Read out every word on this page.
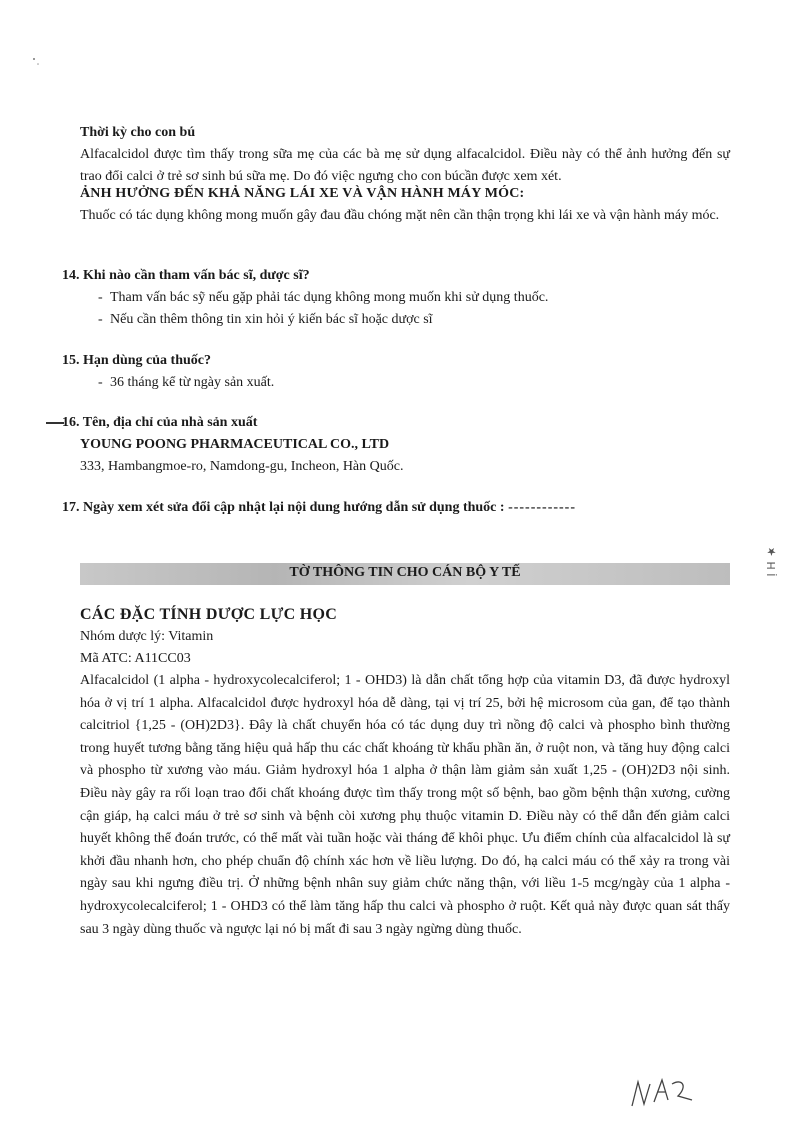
Thời kỳ cho con bú

Alfacalcidol được tìm thấy trong sữa mẹ của các bà mẹ sử dụng alfacalcidol. Điều này có thể ảnh hưởng đến sự trao đổi calci ở trẻ sơ sinh bú sữa mẹ. Do đó việc ngưng cho con búcần được xem xét.

ẢNH HƯỞNG ĐẾN KHẢ NĂNG LÁI XE VÀ VẬN HÀNH MÁY MÓC:

Thuốc có tác dụng không mong muốn gây đau đầu chóng mặt nên cần thận trọng khi lái xe và vận hành máy móc.

14. Khi nào cần tham vấn bác sĩ, dược sĩ?

- Tham vấn bác sỹ nếu gặp phải tác dụng không mong muốn khi sử dụng thuốc.
- Nếu cần thêm thông tin xin hỏi ý kiến bác sĩ hoặc dược sĩ

15. Hạn dùng của thuốc?

- 36 tháng kể từ ngày sản xuất.

16. Tên, địa chỉ của nhà sản xuất

YOUNG POONG PHARMACEUTICAL CO., LTD

333, Hambangmoe-ro, Namdong-gu, Incheon, Hàn Quốc.

17. Ngày xem xét sửa đổi cập nhật lại nội dung hướng dẫn sử dụng thuốc : ------------

TỜ THÔNG TIN CHO CÁN BỘ Y TẾ

CÁC ĐẶC TÍNH DƯỢC LỰC HỌC

Nhóm dược lý: Vitamin

Mã ATC: A11CC03

Alfacalcidol (1 alpha - hydroxycolecalciferol; 1 - OHD3) là dẫn chất tổng hợp của vitamin D3, đã được hydroxyl hóa ở vị trí 1 alpha. Alfacalcidol được hydroxyl hóa dễ dàng, tại vị trí 25, bởi hệ microsom của gan, để tạo thành calcitriol {1,25 - (OH)2D3}. Đây là chất chuyển hóa có tác dụng duy trì nồng độ calci và phospho bình thường trong huyết tương bằng tăng hiệu quả hấp thu các chất khoáng từ khẩu phần ăn, ở ruột non, và tăng huy động calci và phospho từ xương vào máu. Giảm hydroxyl hóa 1 alpha ở thận làm giảm sản xuất 1,25 - (OH)2D3 nội sinh. Điều này gây ra rối loạn trao đổi chất khoáng được tìm thấy trong một số bệnh, bao gồm bệnh thận xương, cường cận giáp, hạ calci máu ở trẻ sơ sinh và bệnh còi xương phụ thuộc vitamin D. Điều này có thể dẫn đến giảm calci huyết không thể đoán trước, có thể mất vài tuần hoặc vài tháng để khôi phục. Ưu điểm chính của alfacalcidol là sự khởi đầu nhanh hơn, cho phép chuẩn độ chính xác hơn về liều lượng. Do đó, hạ calci máu có thể xảy ra trong vài ngày sau khi ngưng điều trị. Ở những bệnh nhân suy giảm chức năng thận, với liều 1-5 mcg/ngày của 1 alpha - hydroxycolecalciferol; 1 - OHD3 có thể làm tăng hấp thu calci và phospho ở ruột. Kết quả này được quan sát thấy sau 3 ngày dùng thuốc và ngược lại nó bị mất đi sau 3 ngày ngừng dùng thuốc.

Ị H ★
